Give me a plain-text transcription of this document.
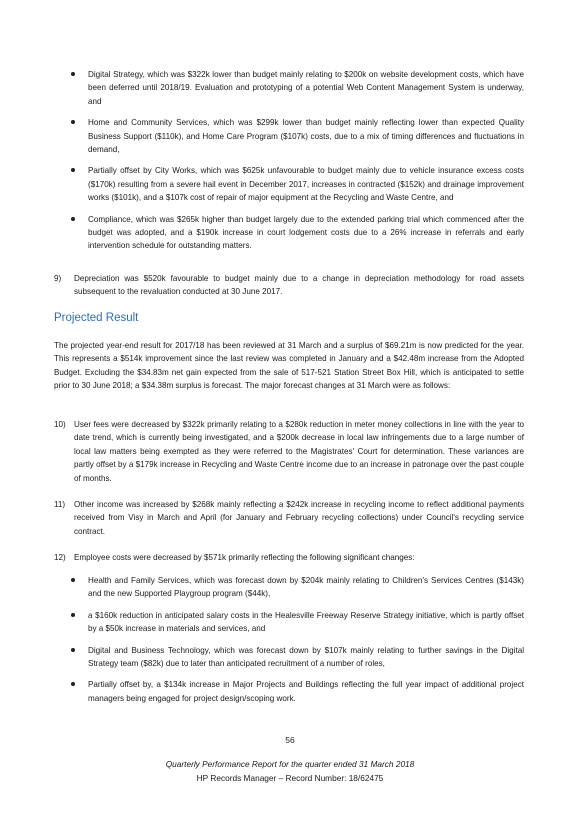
Digital Strategy, which was $322k lower than budget mainly relating to $200k on website development costs, which have been deferred until 2018/19. Evaluation and prototyping of a potential Web Content Management System is underway, and
Home and Community Services, which was $299k lower than budget mainly reflecting lower than expected Quality Business Support ($110k), and Home Care Program ($107k) costs, due to a mix of timing differences and fluctuations in demand,
Partially offset by City Works, which was $625k unfavourable to budget mainly due to vehicle insurance excess costs ($170k) resulting from a severe hail event in December 2017, increases in contracted ($152k) and drainage improvement works ($101k), and a $107k cost of repair of major equipment at the Recycling and Waste Centre, and
Compliance, which was $265k higher than budget largely due to the extended parking trial which commenced after the budget was adopted, and a $190k increase in court lodgement costs due to a 26% increase in referrals and early intervention schedule for outstanding matters.
9) Depreciation was $520k favourable to budget mainly due to a change in depreciation methodology for road assets subsequent to the revaluation conducted at 30 June 2017.
Projected Result
The projected year-end result for 2017/18 has been reviewed at 31 March and a surplus of $69.21m is now predicted for the year. This represents a $514k improvement since the last review was completed in January and a $42.48m increase from the Adopted Budget. Excluding the $34.83m net gain expected from the sale of 517-521 Station Street Box Hill, which is anticipated to settle prior to 30 June 2018; a $34.38m surplus is forecast. The major forecast changes at 31 March were as follows:
10) User fees were decreased by $322k primarily relating to a $280k reduction in meter money collections in line with the year to date trend, which is currently being investigated, and a $200k decrease in local law infringements due to a large number of local law matters being exempted as they were referred to the Magistrates' Court for determination. These variances are partly offset by a $179k increase in Recycling and Waste Centre income due to an increase in patronage over the past couple of months.
11) Other income was increased by $268k mainly reflecting a $242k increase in recycling income to reflect additional payments received from Visy in March and April (for January and February recycling collections) under Council's recycling service contract.
12) Employee costs were decreased by $571k primarily reflecting the following significant changes:
Health and Family Services, which was forecast down by $204k mainly relating to Children's Services Centres ($143k) and the new Supported Playgroup program ($44k),
a $160k reduction in anticipated salary costs in the Healesville Freeway Reserve Strategy initiative, which is partly offset by a $50k increase in materials and services, and
Digital and Business Technology, which was forecast down by $107k mainly relating to further savings in the Digital Strategy team ($82k) due to later than anticipated recruitment of a number of roles,
Partially offset by, a $134k increase in Major Projects and Buildings reflecting the full year impact of additional project managers being engaged for project design/scoping work.
56
Quarterly Performance Report for the quarter ended 31 March 2018
HP Records Manager – Record Number: 18/62475
